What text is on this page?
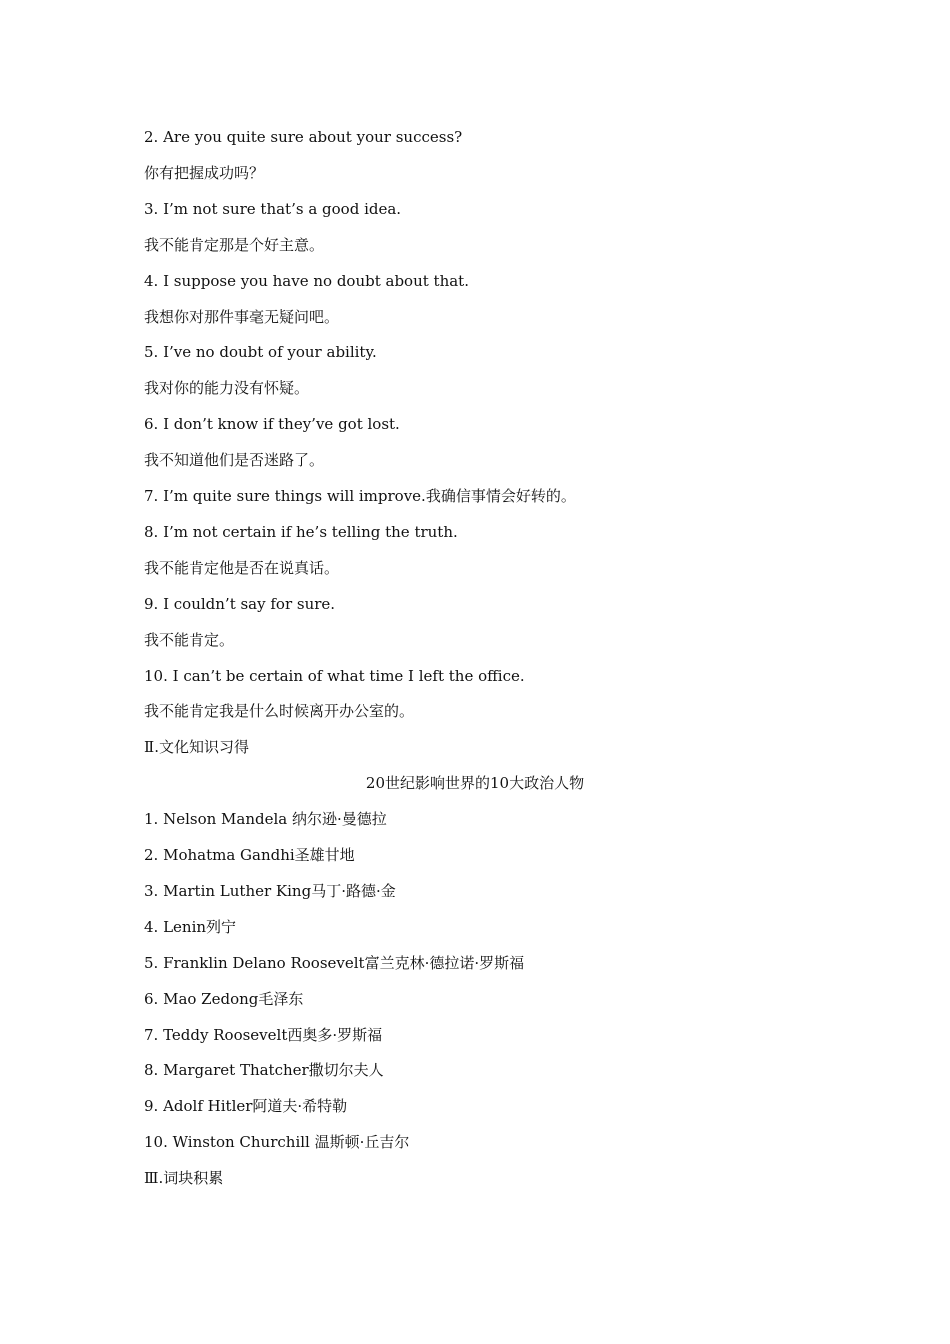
2. Are you quite sure about your success?
你有把握成功吗？
3. I’m not sure that’s a good idea.
我不能肯定那是个好主意。
4. I suppose you have no doubt about that.
我想你对那件事毫无疑问吧。
5. I’ve no doubt of your ability.
我对你的能力没有怀疑。
6. I don’t know if they’ve got lost.
我不知道他们是否迷路了。
7. I’m quite sure things will improve.我确信事情会好转的。
8. I’m not certain if he’s telling the truth.
我不能肯定他是否在说真话。
9. I couldn’t say for sure.
我不能肯定。
10. I can’t be certain of what time I left the office.
我不能肯定我是什么时候离开办公室的。
Ⅱ.文化知识习得
20世纪影响世界的10大政治人物
1. Nelson Mandela 纳尔逊·曼德拉
2. Mohatma Gandhi圣雄甘地
3. Martin Luther King马丁·路德·金
4. Lenin列宁
5. Franklin Delano Roosevelt富兰克林·德拉诺·罗斯福
6. Mao Zedong毛泽东
7. Teddy Roosevelt西奥多·罗斯福
8. Margaret Thatcher撒切尔夫人
9. Adolf Hitler阿道夫·希特勒
10. Winston Churchill 温斯顿·丘吉尔
Ⅲ.词块积累
